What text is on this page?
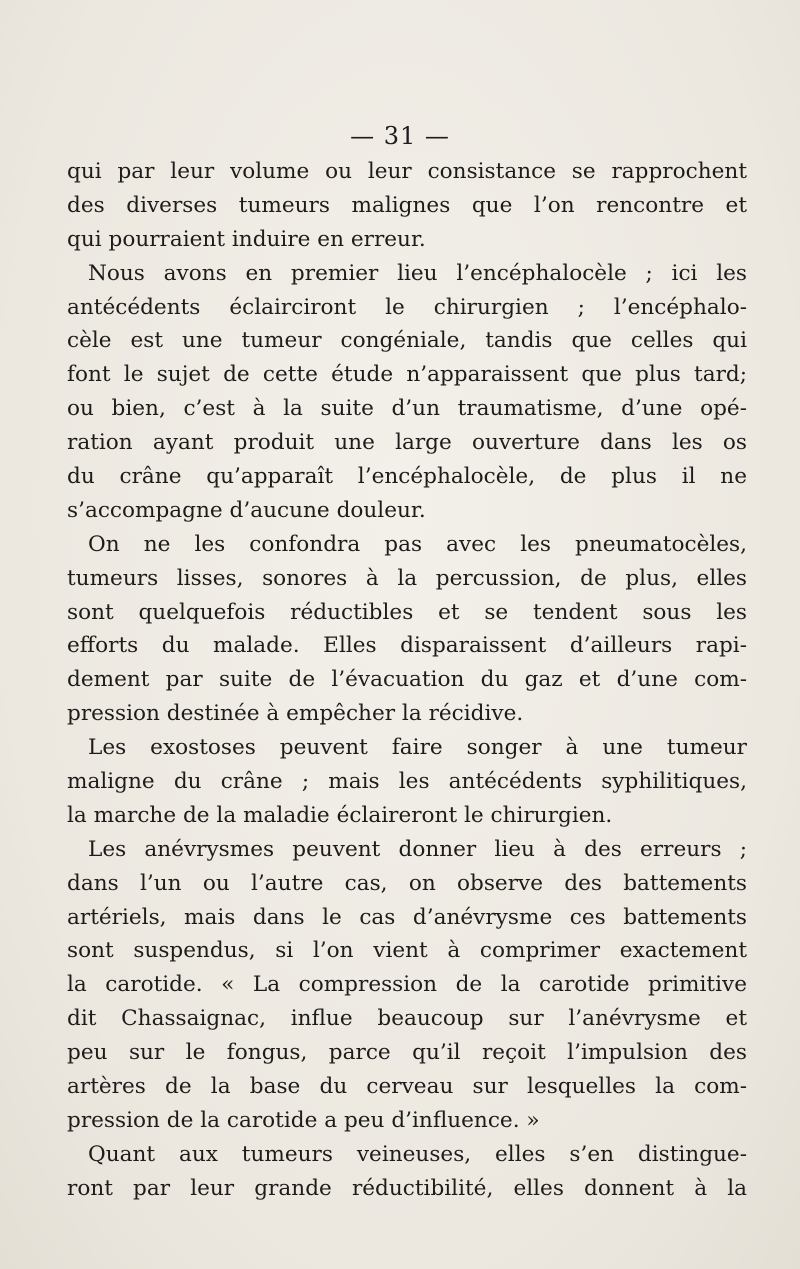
— 31 —
qui par leur volume ou leur consistance se rapprochent
des diverses tumeurs malignes que l’on rencontre et
qui pourraient induire en erreur.
Nous avons en premier lieu l’encéphalocèle ; ici les
antécédents éclairciront le chirurgien ; l’encéphalo-
cèle est une tumeur congéniale, tandis que celles qui
font le sujet de cette étude n’apparaissent que plus tard;
ou bien, c’est à la suite d’un traumatisme, d’une opé-
ration ayant produit une large ouverture dans les os
du crâne qu’apparaît l’encéphalocèle, de plus il ne
s’accompagne d’aucune douleur.
On ne les confondra pas avec les pneumatocèles,
tumeurs lisses, sonores à la percussion, de plus, elles
sont quelquefois réductibles et se tendent sous les
efforts du malade. Elles disparaissent d’ailleurs rapi-
dement par suite de l’évacuation du gaz et d’une com-
pression destinée à empêcher la récidive.
Les exostoses peuvent faire songer à une tumeur
maligne du crâne ; mais les antécédents syphilitiques,
la marche de la maladie éclaireront le chirurgien.
Les anévrysmes peuvent donner lieu à des erreurs ;
dans l’un ou l’autre cas, on observe des battements
artériels, mais dans le cas d’anévrysme ces battements
sont suspendus, si l’on vient à comprimer exactement
la carotide. « La compression de la carotide primitive
dit Chassaignac, influe beaucoup sur l’anévrysme et
peu sur le fongus, parce qu’il reçoit l’impulsion des
artères de la base du cerveau sur lesquelles la com-
pression de la carotide a peu d’influence. »
Quant aux tumeurs veineuses, elles s’en distingue-
ront par leur grande réductibilité, elles donnent à la
